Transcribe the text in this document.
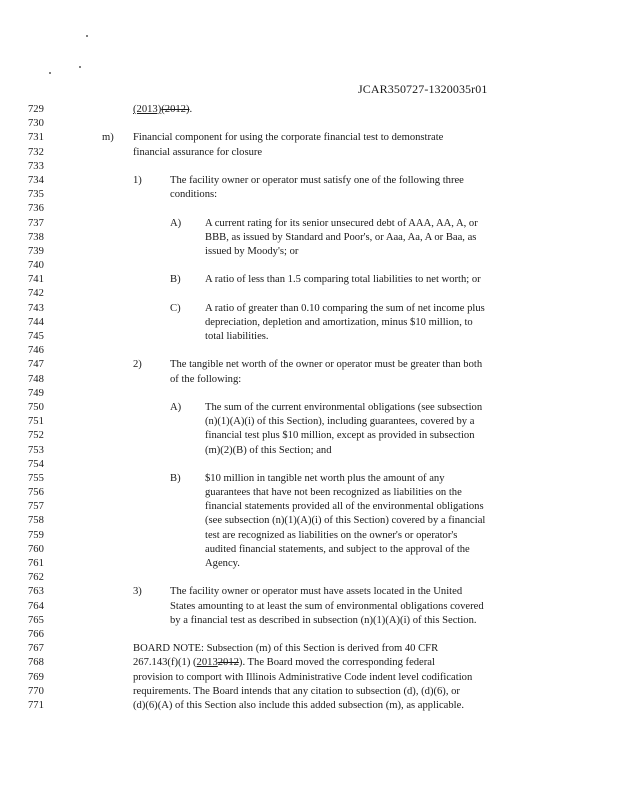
JCAR350727-1320035r01
729	(2013)(2012).
730
731	m) Financial component for using the corporate financial test to demonstrate
732	financial assurance for closure
733
734	1)	The facility owner or operator must satisfy one of the following three
735	conditions:
736
737	A) A current rating for its senior unsecured debt of AAA, AA, A, or
738	BBB, as issued by Standard and Poor's, or Aaa, Aa, A or Baa, as
739	issued by Moody's; or
740
741	B) A ratio of less than 1.5 comparing total liabilities to net worth; or
742
743	C) A ratio of greater than 0.10 comparing the sum of net income plus
744	depreciation, depletion and amortization, minus $10 million, to
745	total liabilities.
746
747	2)	The tangible net worth of the owner or operator must be greater than both
748	of the following:
749
750	A) The sum of the current environmental obligations (see subsection
751	(n)(1)(A)(i) of this Section), including guarantees, covered by a
752	financial test plus $10 million, except as provided in subsection
753	(m)(2)(B) of this Section; and
754
755	B) $10 million in tangible net worth plus the amount of any
756	guarantees that have not been recognized as liabilities on the
757	financial statements provided all of the environmental obligations
758	(see subsection (n)(1)(A)(i) of this Section) covered by a financial
759	test are recognized as liabilities on the owner's or operator's
760	audited financial statements, and subject to the approval of the
761	Agency.
762
763	3)	The facility owner or operator must have assets located in the United
764	States amounting to at least the sum of environmental obligations covered
765	by a financial test as described in subsection (n)(1)(A)(i) of this Section.
766
767	BOARD NOTE: Subsection (m) of this Section is derived from 40 CFR
768	267.143(f)(1) (20132012). The Board moved the corresponding federal
769	provision to comport with Illinois Administrative Code indent level codification
770	requirements. The Board intends that any citation to subsection (d), (d)(6), or
771	(d)(6)(A) of this Section also include this added subsection (m), as applicable.
